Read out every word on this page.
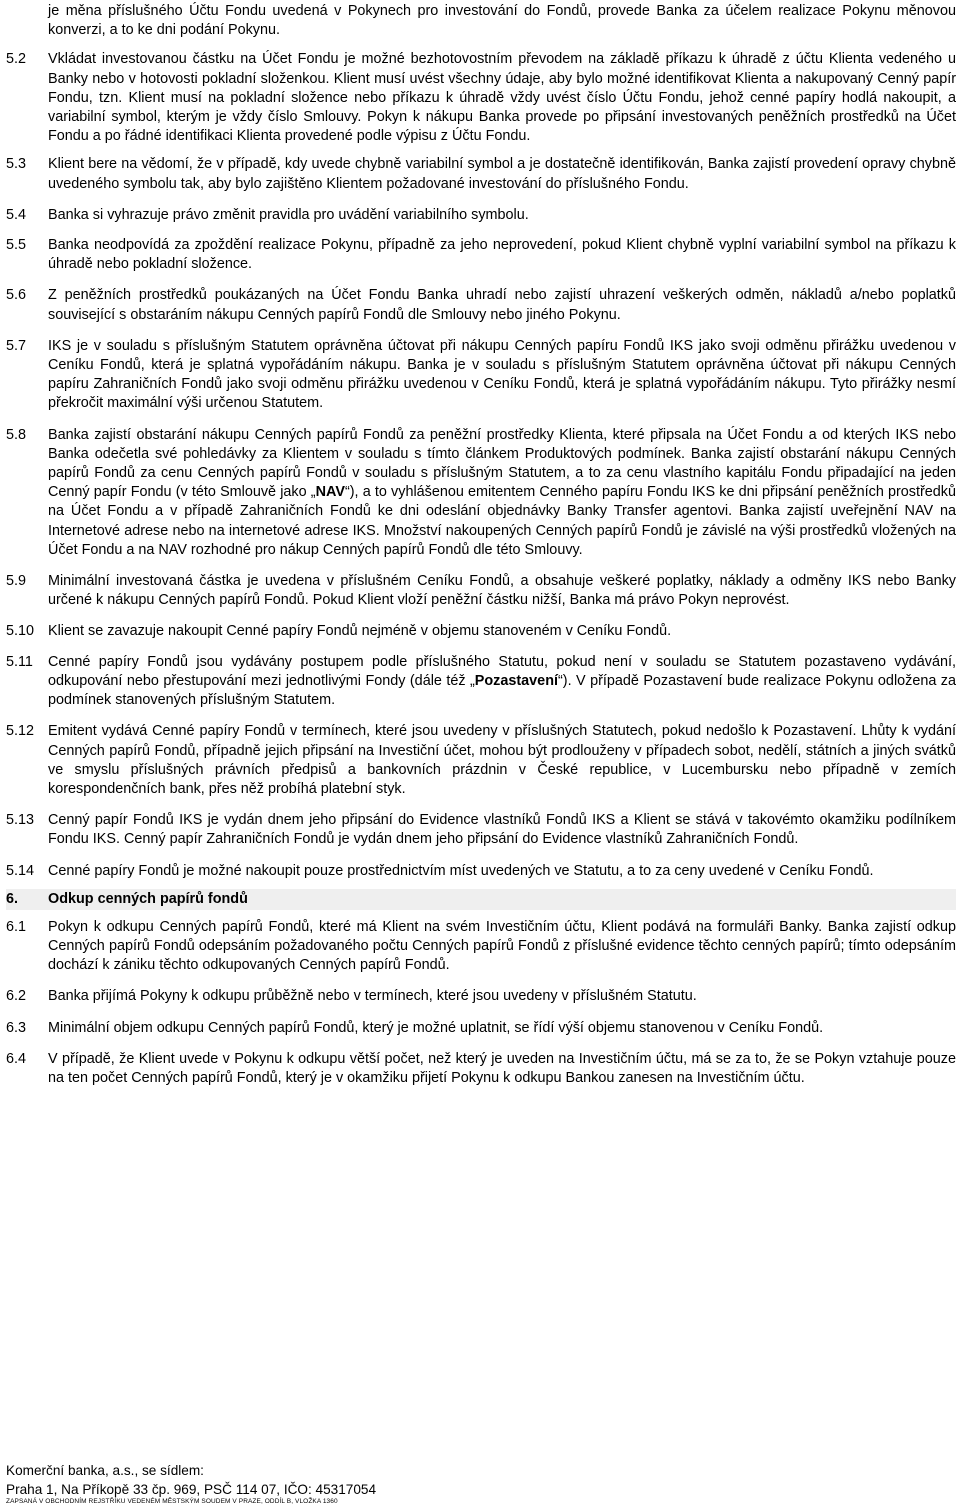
je měna příslušného Účtu Fondu uvedená v Pokynech pro investování do Fondů, provede Banka za účelem realizace Pokynu měnovou konverzi, a to ke dni podání Pokynu.
5.2	Vkládat investovanou částku na Účet Fondu je možné bezhotovostním převodem na základě příkazu k úhradě z účtu Klienta vedeného u Banky nebo v hotovosti pokladní složenkou. Klient musí uvést všechny údaje, aby bylo možné identifikovat Klienta a nakupovaný Cenný papír Fondu, tzn. Klient musí na pokladní složence nebo příkazu k úhradě vždy uvést číslo Účtu Fondu, jehož cenné papíry hodlá nakoupit, a variabilní symbol, kterým je vždy číslo Smlouvy. Pokyn k nákupu Banka provede po připsání investovaných peněžních prostředků na Účet Fondu a po řádné identifikaci Klienta provedené podle výpisu z Účtu Fondu.
5.3	Klient bere na vědomí, že v případě, kdy uvede chybně variabilní symbol a je dostatečně identifikován, Banka zajistí provedení opravy chybně uvedeného symbolu tak, aby bylo zajištěno Klientem požadované investování do příslušného Fondu.
5.4	Banka si vyhrazuje právo změnit pravidla pro uvádění variabilního symbolu.
5.5	Banka neodpovídá za zpoždění realizace Pokynu, případně za jeho neprovedení, pokud Klient chybně vyplní variabilní symbol na příkazu k úhradě nebo pokladní složence.
5.6	Z peněžních prostředků poukázaných na Účet Fondu Banka uhradí nebo zajistí uhrazení veškerých odměn, nákladů a/nebo poplatků související s obstaráním nákupu Cenných papírů Fondů dle Smlouvy nebo jiného Pokynu.
5.7	IKS je v souladu s příslušným Statutem oprávněna účtovat při nákupu Cenných papíru Fondů IKS jako svoji odměnu přirážku uvedenou v Ceníku Fondů, která je splatná vypořádáním nákupu. Banka je v souladu s příslušným Statutem oprávněna účtovat při nákupu Cenných papíru Zahraničních Fondů jako svoji odměnu přirážku uvedenou v Ceníku Fondů, která je splatná vypořádáním nákupu. Tyto přirážky nesmí překročit maximální výši určenou Statutem.
5.8	Banka zajistí obstarání nákupu Cenných papírů Fondů za peněžní prostředky Klienta, které připsala na Účet Fondu a od kterých IKS nebo Banka odečetla své pohledávky za Klientem v souladu s tímto článkem Produktových podmínek. Banka zajistí obstarání nákupu Cenných papírů Fondů za cenu Cenných papírů Fondů v souladu s příslušným Statutem, a to za cenu vlastního kapitálu Fondu připadající na jeden Cenný papír Fondu (v této Smlouvě jako „NAV“), a to vyhlášenou emitentem Cenného papíru Fondu IKS ke dni připsání peněžních prostředků na Účet Fondu a v případě Zahraničních Fondů ke dni odeslání objednávky Banky Transfer agentovi. Banka zajistí uveřejnění NAV na Internetové adrese nebo na internetové adrese IKS. Množství nakoupených Cenných papírů Fondů je závislé na výši prostředků vložených na Účet Fondu a na NAV rozhodné pro nákup Cenných papírů Fondů dle této Smlouvy.
5.9	Minimální investovaná částka je uvedena v příslušném Ceníku Fondů, a obsahuje veškeré poplatky, náklady a odměny IKS nebo Banky určené k nákupu Cenných papírů Fondů. Pokud Klient vloží peněžní částku nižší, Banka má právo Pokyn neprovést.
5.10 Klient se zavazuje nakoupit Cenné papíry Fondů nejméně v objemu stanoveném v Ceníku Fondů.
5.11	Cenné papíry Fondů jsou vydávány postupem podle příslušného Statutu, pokud není v souladu se Statutem pozastaveno vydávání, odkupování nebo přestupování mezi jednotlivými Fondy (dále též „Pozastavení“). V případě Pozastavení bude realizace Pokynu odložena za podmínek stanovených příslušným Statutem.
5.12 Emitent vydává Cenné papíry Fondů v termínech, které jsou uvedeny v příslušných Statutech, pokud nedošlo k Pozastavení. Lhůty k vydání Cenných papírů Fondů, případně jejich připsání na Investiční účet, mohou být prodlouženy v případech sobot, nedělí, státních a jiných svátků ve smyslu příslušných právních předpisů a bankovních prázdnin v České republice, v Lucembursku nebo případně v zemích korespondenčních bank, přes něž probíhá platební styk.
5.13 Cenný papír Fondů IKS je vydán dnem jeho připsání do Evidence vlastníků Fondů IKS a Klient se stává v takovémto okamžiku podílníkem Fondu IKS. Cenný papír Zahraničních Fondů je vydán dnem jeho připsání do Evidence vlastníků Zahraničních Fondů.
5.14 Cenné papíry Fondů je možné nakoupit pouze prostřednictvím míst uvedených ve Statutu, a to za ceny uvedené v Ceníku Fondů.
6. Odkup cenných papírů fondů
6.1	Pokyn k odkupu Cenných papírů Fondů, které má Klient na svém Investičním účtu, Klient podává na formuláři Banky. Banka zajistí odkup Cenných papírů Fondů odepsáním požadovaného počtu Cenných papírů Fondů z příslušné evidence těchto cenných papírů; tímto odepsáním dochází k zániku těchto odkupovaných Cenných papírů Fondů.
6.2	Banka přijímá Pokyny k odkupu průběžně nebo v termínech, které jsou uvedeny v příslušném Statutu.
6.3	Minimální objem odkupu Cenných papírů Fondů, který je možné uplatnit, se řídí výší objemu stanovenou v Ceníku Fondů.
6.4	V případě, že Klient uvede v Pokynu k odkupu větší počet, než který je uveden na Investičním účtu, má se za to, že se Pokyn vztahuje pouze na ten počet Cenných papírů Fondů, který je v okamžiku přijetí Pokynu k odkupu Bankou zanesen na Investičním účtu.
Komerční banka, a.s., se sídlem:
Praha 1, Na Příkopě 33 čp. 969, PSČ 114 07, IČO: 45317054
ZAPSANÁ V OBCHODNÍM REJSTŘÍKU VEDENÉM MĚSTSKÝM SOUDEM V PRAZE, ODDÍL B, VLOŽKA 1360
